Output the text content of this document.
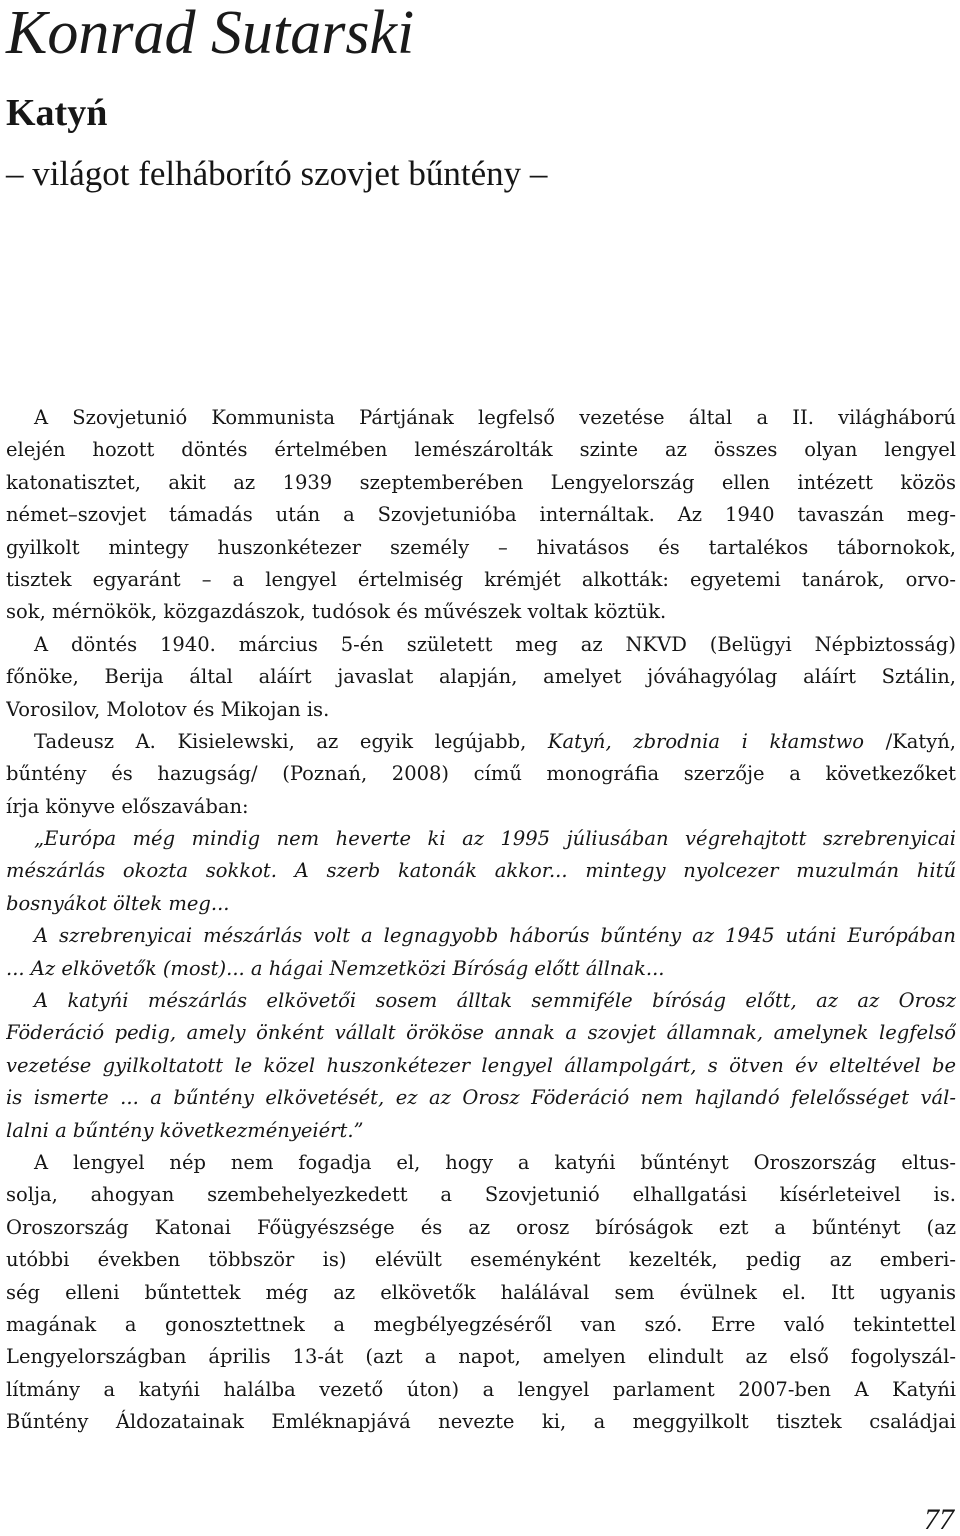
Konrad Sutarski
Katyń
– világot felháborító szovjet bűntény –
A Szovjetunió Kommunista Pártjának legfelső vezetése által a II. világháború
elején hozott döntés értelmében lemészárolták szinte az összes olyan lengyel
katonatisztet, akit az 1939 szeptemberében Lengyelország ellen intézett közös
német–szovjet támadás után a Szovjetunióba internáltak. Az 1940 tavaszán meg-
gyilkolt mintegy huszonkétezer személy – hivatásos és tartalékos tábornokok,
tisztek egyaránt – a lengyel értelmiség krémjét alkották: egyetemi tanárok, orvo-
sok, mérnökök, közgazdászok, tudósok és művészek voltak köztük.
A döntés 1940. március 5-én született meg az NKVD (Belügyi Népbiztosság)
főnöke, Berija által aláírt javaslat alapján, amelyet jóváhagyólag aláírt Sztálin,
Vorosilov, Molotov és Mikojan is.
Tadeusz A. Kisielewski, az egyik legújabb, Katyń, zbrodnia i kłamstwo /Katyń,
bűntény és hazugság/ (Poznań, 2008) című monográfia szerzője a következőket
írja könyve előszavában:
„Európa még mindig nem heverte ki az 1995 júliusában végrehajtott szrebrenyicai
mészárlás okozta sokkot. A szerb katonák akkor... mintegy nyolcezer muzulmán hitű
bosnyákot öltek meg...
A szrebrenyicai mészárlás volt a legnagyobb háborús bűntény az 1945 utáni Európában
... Az elkövetők (most)... a hágai Nemzetközi Bíróság előtt állnak...
A katyńi mészárlás elkövetői sosem álltak semmiféle bíróság előtt, az az Orosz
Föderáció pedig, amely önként vállalt örököse annak a szovjet államnak, amelynek legfelső
vezetése gyilkoltatott le közel huszonkétezer lengyel állampolgárt, s ötven év elteltével be
is ismerte ... a bűntény elkövetését, ez az Orosz Föderáció nem hajlandó felelősséget vál-
lalni a bűntény következményeiért.”
A lengyel nép nem fogadja el, hogy a katyńi bűntényt Oroszország eltus-
solja, ahogyan szembehelyezkedett a Szovjetunió elhallgatási kísérleteivel is.
Oroszország Katonai Főügyészsége és az orosz bíróságok ezt a bűntényt (az
utóbbi években többször is) elévült eseményként kezelték, pedig az emberi-
ség elleni bűntettek még az elkövetők halálával sem évülnek el. Itt ugyanis
magának a gonosztettnek a megbélyegzéséről van szó. Erre való tekintettel
Lengyelországban április 13-át (azt a napot, amelyen elindult az első fogolyszál-
lítmány a katyńi halálba vezető úton) a lengyel parlament 2007-ben A Katyńi
Bűntény Áldozatainak Emléknapjává nevezte ki, a meggyilkolt tisztek családjai
77
